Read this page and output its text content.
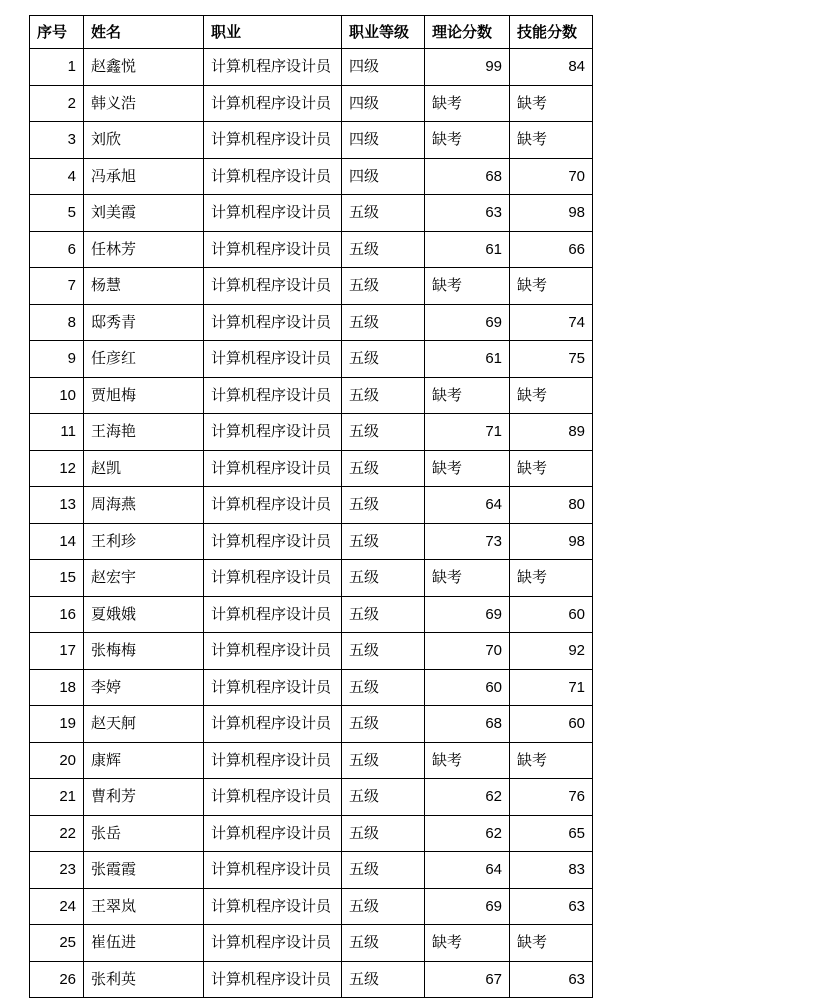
序号	姓名	职业	职业等级	理论分数	技能分数
1	赵鑫悦	计算机程序设计员	四级	99	84
2	韩义浩	计算机程序设计员	四级	缺考	缺考
3	刘欣	计算机程序设计员	四级	缺考	缺考
4	冯承旭	计算机程序设计员	四级	68	70
5	刘美霞	计算机程序设计员	五级	63	98
6	任林芳	计算机程序设计员	五级	61	66
7	杨慧	计算机程序设计员	五级	缺考	缺考
8	邸秀青	计算机程序设计员	五级	69	74
9	任彦红	计算机程序设计员	五级	61	75
10	贾旭梅	计算机程序设计员	五级	缺考	缺考
11	王海艳	计算机程序设计员	五级	71	89
12	赵凯	计算机程序设计员	五级	缺考	缺考
13	周海燕	计算机程序设计员	五级	64	80
14	王利珍	计算机程序设计员	五级	73	98
15	赵宏宇	计算机程序设计员	五级	缺考	缺考
16	夏娥娥	计算机程序设计员	五级	69	60
17	张梅梅	计算机程序设计员	五级	70	92
18	李婷	计算机程序设计员	五级	60	71
19	赵天舸	计算机程序设计员	五级	68	60
20	康辉	计算机程序设计员	五级	缺考	缺考
21	曹利芳	计算机程序设计员	五级	62	76
22	张岳	计算机程序设计员	五级	62	65
23	张霞霞	计算机程序设计员	五级	64	83
24	王翠岚	计算机程序设计员	五级	69	63
25	崔伍进	计算机程序设计员	五级	缺考	缺考
26	张利英	计算机程序设计员	五级	67	63
